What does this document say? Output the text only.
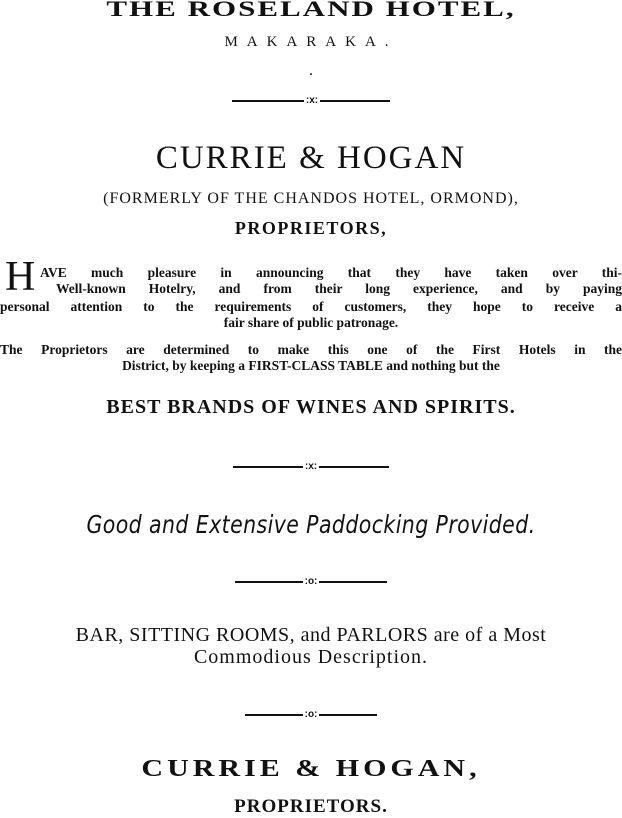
THE ROSELAND HOTEL,
MAKARAKA.
.
:x:
CURRIE & HOGAN
(FORMERLY OF THE CHANDOS HOTEL, ORMOND),
PROPRIETORS,
H AVE much pleasure in announcing that they have taken over thi-
Well-known Hotelry, and from their long experience, and by paying
personal attention to the requirements of customers, they hope to receive a
fair share of public patronage.
The Proprietors are determined to make this one of the First Hotels in the
District, by keeping a FIRST-CLASS TABLE and nothing but the
BEST BRANDS OF WINES AND SPIRITS.
:x:
Good and Extensive Paddocking Provided.
:o:
BAR, SITTING ROOMS, and PARLORS are of a Most
Commodious Description.
:o:
CURRIE & HOGAN,
PROPRIETORS.
